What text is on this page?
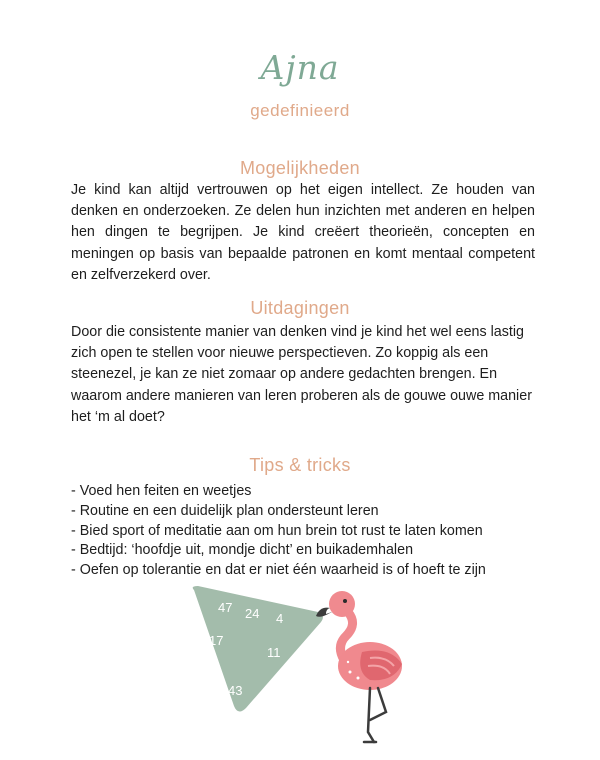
Ajna
gedefinieerd
Mogelijkheden

Je kind kan altijd vertrouwen op het eigen intellect. Ze houden van denken en onderzoeken. Ze delen hun inzichten met anderen en helpen hen dingen te begrijpen. Je kind creëert theorieën, concepten en meningen op basis van bepaalde patronen en komt mentaal competent en zelfverzekerd over.

Uitdagingen

Door die consistente manier van denken vind je kind het wel eens lastig zich open te stellen voor nieuwe perspectieven. Zo koppig als een steenezel, je kan ze niet zomaar op andere gedachten brengen. En waarom andere manieren van leren proberen als de gouwe ouwe manier het ‘m al doet?

Tips & tricks
- Voed hen feiten en weetjes
- Routine en een duidelijk plan ondersteunt leren
- Bied sport of meditatie aan om hun brein tot rust te laten komen
- Bedtijd: ‘hoofdje uit, mondje dicht’ en buikademhalen
- Oefen op tolerantie en dat er niet één waarheid is of hoeft te zijn
47 24 4
17
11
43
